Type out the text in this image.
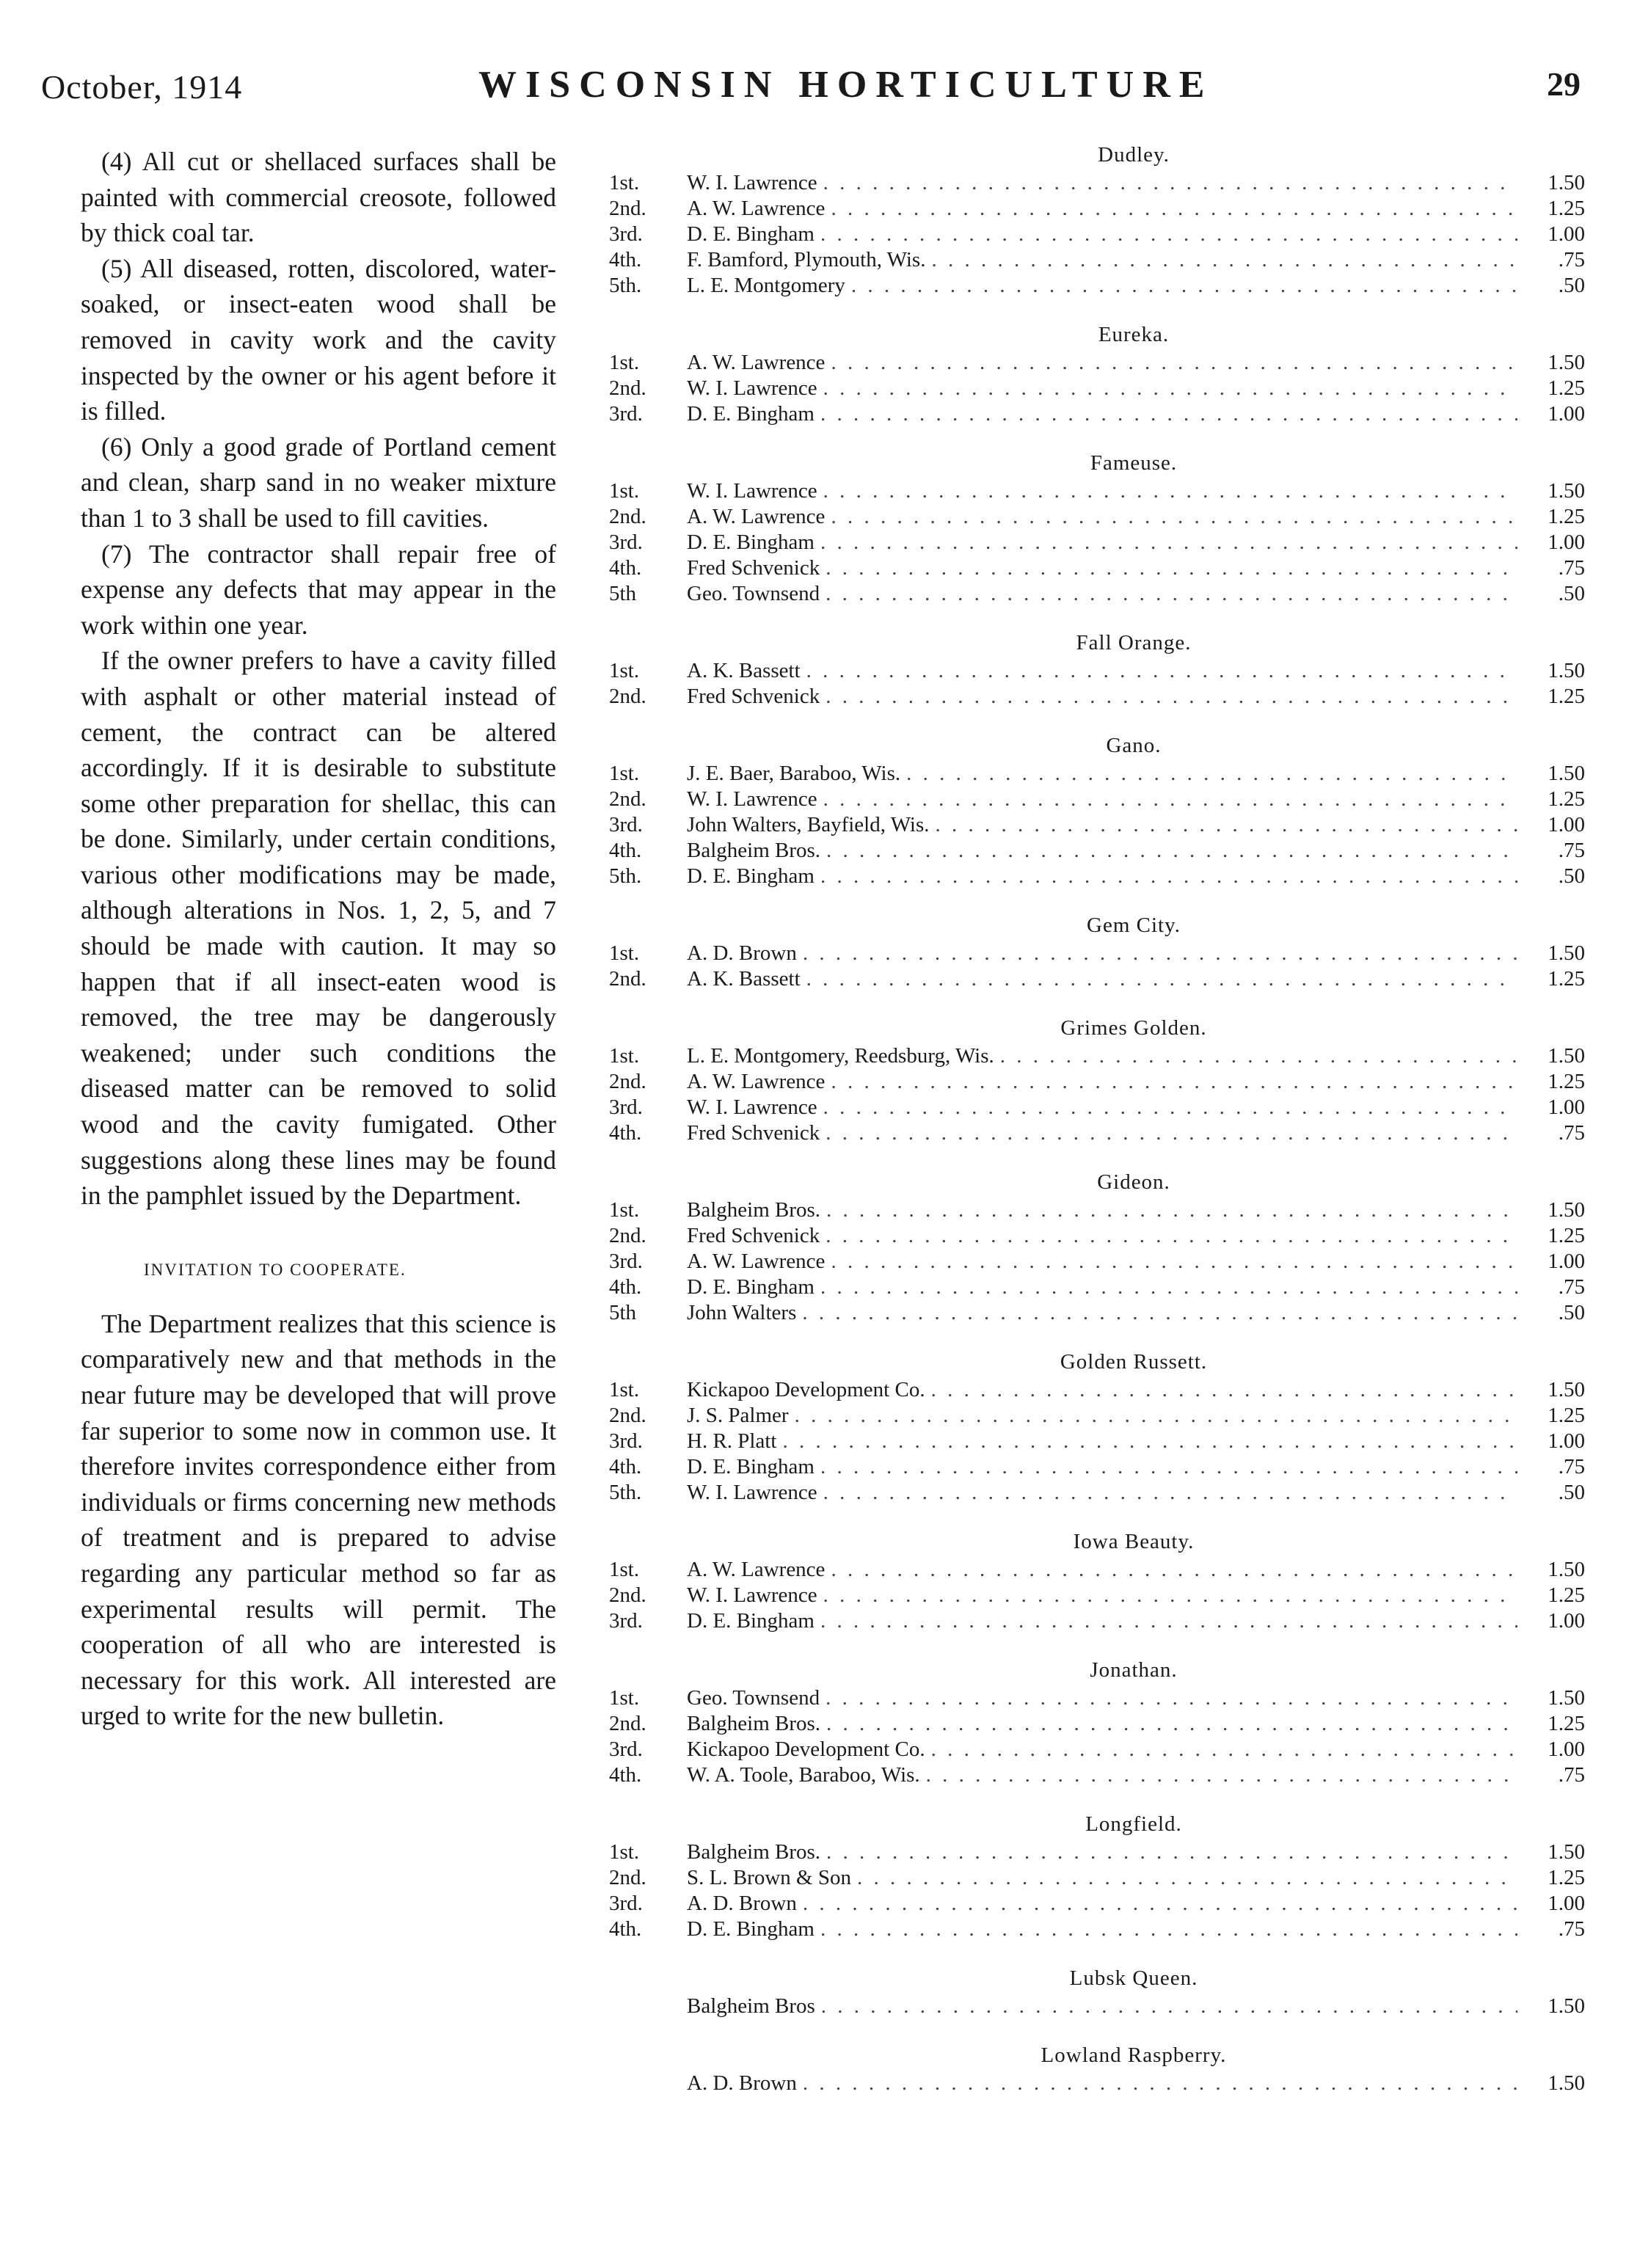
October, 1914	WISCONSIN HORTICULTURE	29

(4) All cut or shellaced surfaces shall be painted with commercial creosote, followed by thick coal tar.

(5) All diseased, rotten, discolored, water-soaked, or insect-eaten wood shall be removed in cavity work and the cavity inspected by the owner or his agent before it is filled.

(6) Only a good grade of Portland cement and clean, sharp sand in no weaker mixture than 1 to 3 shall be used to fill cavities.

(7) The contractor shall repair free of expense any defects that may appear in the work within one year.

If the owner prefers to have a cavity filled with asphalt or other material instead of cement, the contract can be altered accordingly. If it is desirable to substitute some other preparation for shellac, this can be done. Similarly, under certain conditions, various other modifications may be made, although alterations in Nos. 1, 2, 5, and 7 should be made with caution. It may so happen that if all insect-eaten wood is removed, the tree may be dangerously weakened; under such conditions the diseased matter can be removed to solid wood and the cavity fumigated. Other suggestions along these lines may be found in the pamphlet issued by the Department.

INVITATION TO COOPERATE.

The Department realizes that this science is comparatively new and that methods in the near future may be developed that will prove far superior to some now in common use. It therefore invites correspondence either from individuals or firms concerning new methods of treatment and is prepared to advise regarding any particular method so far as experimental results will permit. The cooperation of all who are interested is necessary for this work. All interested are urged to write for the new bulletin.

Dudley.
1st.	W. I. Lawrence . . .	1.50
2nd.	A. W. Lawrence . . .	1.25
3rd.	D. E. Bingham . . .	1.00
4th.	F. Bamford, Plymouth, Wis. . . .	.75
5th.	L. E. Montgomery . . .	.50
Eureka.
1st.	A. W. Lawrence . . .	1.50
2nd.	W. I. Lawrence . . .	1.25
3rd.	D. E. Bingham . . .	1.00
Fameuse.
1st.	W. I. Lawrence . . .	1.50
2nd.	A. W. Lawrence . . .	1.25
3rd.	D. E. Bingham . . .	1.00
4th.	Fred Schvenick . . .	.75
5th	Geo. Townsend . . .	.50
Fall Orange.
1st.	A. K. Bassett . . .	1.50
2nd.	Fred Schvenick . . .	1.25
Gano.
1st.	J. E. Baer, Baraboo, Wis. . . .	1.50
2nd.	W. I. Lawrence . . .	1.25
3rd.	John Walters, Bayfield, Wis. . . .	1.00
4th.	Balgheim Bros. . . .	.75
5th.	D. E. Bingham . . .	.50
Gem City.
1st.	A. D. Brown . . .	1.50
2nd.	A. K. Bassett . . .	1.25
Grimes Golden.
1st.	L. E. Montgomery, Reedsburg, Wis. . . .	1.50
2nd.	A. W. Lawrence . . .	1.25
3rd.	W. I. Lawrence . . .	1.00
4th.	Fred Schvenick . . .	.75
Gideon.
1st.	Balgheim Bros. . . .	1.50
2nd.	Fred Schvenick . . .	1.25
3rd.	A. W. Lawrence . . .	1.00
4th.	D. E. Bingham . . .	.75
5th	John Walters . . .	.50
Golden Russett.
1st.	Kickapoo Development Co. . . .	1.50
2nd.	J. S. Palmer . . .	1.25
3rd.	H. R. Platt . . .	1.00
4th.	D. E. Bingham . . .	.75
5th.	W. I. Lawrence . . .	.50
Iowa Beauty.
1st.	A. W. Lawrence . . .	1.50
2nd.	W. I. Lawrence . . .	1.25
3rd.	D. E. Bingham . . .	1.00
Jonathan.
1st.	Geo. Townsend . . .	1.50
2nd.	Balgheim Bros. . . .	1.25
3rd.	Kickapoo Development Co. . . .	1.00
4th.	W. A. Toole, Baraboo, Wis. . . .	.75
Longfield.
1st.	Balgheim Bros. . . .	1.50
2nd.	S. L. Brown & Son . . .	1.25
3rd.	A. D. Brown . . .	1.00
4th.	D. E. Bingham . . .	.75
Lubsk Queen.
Balgheim Bros . . .	1.50
Lowland Raspberry.
A. D. Brown . . .	1.50
